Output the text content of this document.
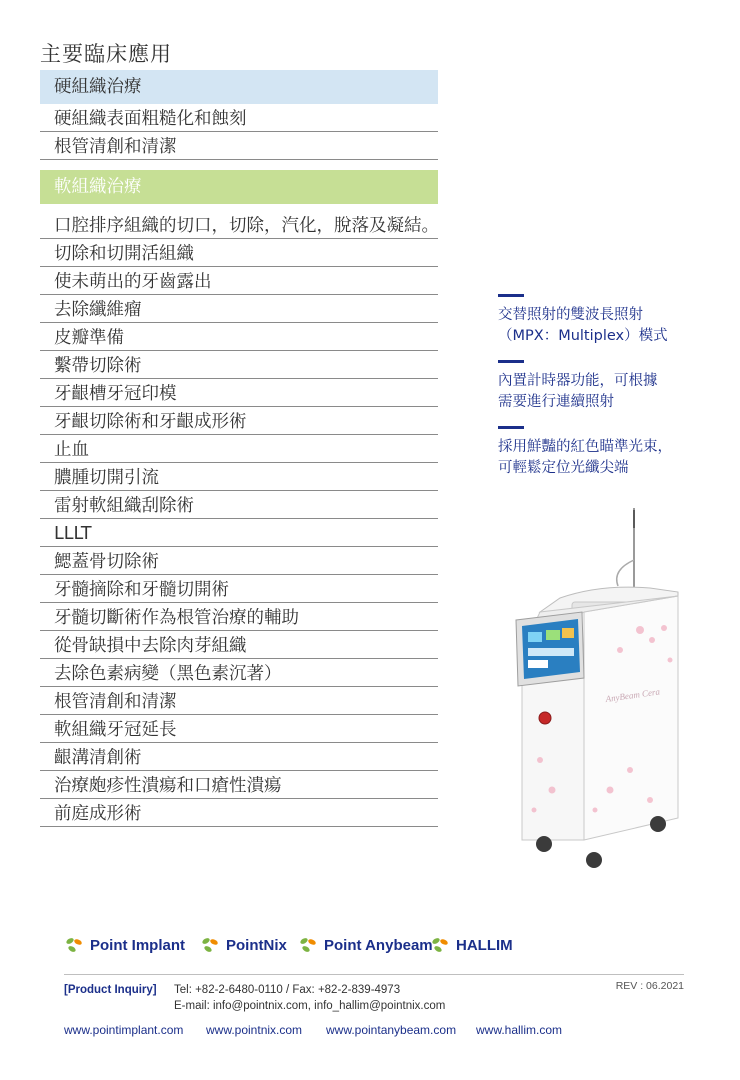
主要臨床應用
硬組織治療
硬組織表面粗糙化和蝕刻
根管清創和清潔
軟組織治療
口腔排序組織的切口，切除，汽化，脫落及凝結。
切除和切開活組織
使未萌出的牙齒露出
去除纖維瘤
皮瓣準備
繫帶切除術
牙齦槽牙冠印模
牙齦切除術和牙齦成形術
止血
膿腫切開引流
雷射軟組織刮除術
LLLT
鰓蓋骨切除術
牙髓摘除和牙髓切開術
牙髓切斷術作為根管治療的輔助
從骨缺損中去除肉芽組織
去除色素病變（黑色素沉著）
根管清創和清潔
軟組織牙冠延長
齦溝清創術
治療皰疹性潰瘍和口瘡性潰瘍
前庭成形術
交替照射的雙波長照射
（MPX：Multiplex）模式
內置計時器功能，可根據
需要進行連續照射
採用鮮豔的紅色瞄準光束，
可輕鬆定位光纖尖端
AnyBeam Cera
Point Implant	PointNix Point Anybeam HALLIM
[Product Inquiry] Tel: +82-2-6480-0110 / Fax: +82-2-839-4973
E-mail: info@pointnix.com, info_hallim@pointnix.com
REV : 06.2021
www.pointimplant.com www.pointnix.com www.pointanybeam.com www.hallim.com
